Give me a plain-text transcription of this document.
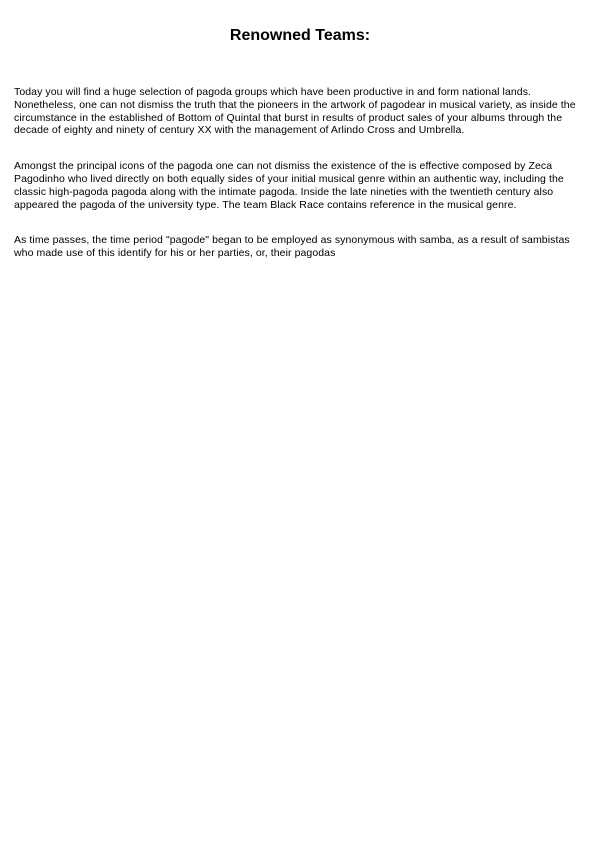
Renowned Teams:

Today you will find a huge selection of pagoda groups which have been productive in and form national lands. Nonetheless, one can not dismiss the truth that the pioneers in the artwork of pagodear in musical variety, as inside the circumstance in the established of Bottom of Quintal that burst in results of product sales of your albums through the decade of eighty and ninety of century XX with the management of Arlindo Cross and Umbrella.

Amongst the principal icons of the pagoda one can not dismiss the existence of the is effective composed by Zeca Pagodinho who lived directly on both equally sides of your initial musical genre within an authentic way, including the classic high-pagoda pagoda along with the intimate pagoda. Inside the late nineties with the twentieth century also appeared the pagoda of the university type. The team Black Race contains reference in the musical genre.

As time passes, the time period "pagode" began to be employed as synonymous with samba, as a result of sambistas who made use of this identify for his or her parties, or, their pagodas
